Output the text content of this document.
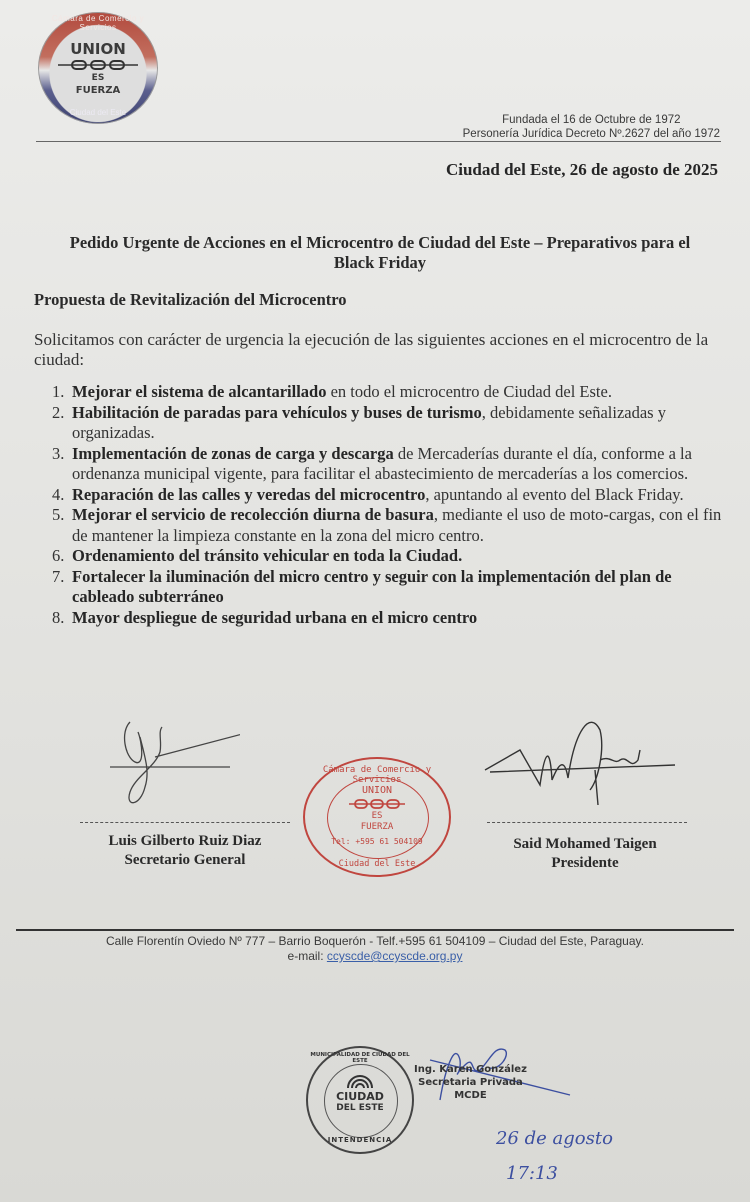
Cámara de Comercio y Servicios
UNION
ES
FUERZA
Ciudad del Este
Fundada el 16 de Octubre de 1972
Personería Jurídica Decreto Nº.2627 del año 1972
Ciudad del Este, 26 de agosto de 2025
Pedido Urgente de Acciones en el Microcentro de Ciudad del Este – Preparativos para el
Black Friday
Propuesta de Revitalización del Microcentro
Solicitamos con carácter de urgencia la ejecución de las siguientes acciones en el microcentro de la ciudad:
1. Mejorar el sistema de alcantarillado en todo el microcentro de Ciudad del Este.
2. Habilitación de paradas para vehículos y buses de turismo, debidamente señalizadas y organizadas.
3. Implementación de zonas de carga y descarga de Mercaderías durante el día, conforme a la ordenanza municipal vigente, para facilitar el abastecimiento de mercaderías a los comercios.
4. Reparación de las calles y veredas del microcentro, apuntando al evento del Black Friday.
5. Mejorar el servicio de recolección diurna de basura, mediante el uso de moto-cargas, con el fin de mantener la limpieza constante en la zona del micro centro.
6. Ordenamiento del tránsito vehicular en toda la Ciudad.
7. Fortalecer la iluminación del micro centro y seguir con la implementación del plan de cableado subterráneo
8. Mayor despliegue de seguridad urbana en el micro centro
Luis Gilberto Ruiz Diaz
Secretario General
Cámara de Comercio y Servicios
UNION
ES
FUERZA
Tel: +595 61 504109
Ciudad del Este
Said Mohamed Taigen
Presidente
Calle Florentín Oviedo Nº 777 – Barrio Boquerón - Telf.+595 61 504109 – Ciudad del Este, Paraguay.
e-mail: ccyscde@ccyscde.org.py
MUNICIPALIDAD DE CIUDAD DEL ESTE
CIUDAD
DEL ESTE
INTENDENCIA
Ing. Karen González
Secretaria Privada
MCDE
26 de agosto
17:13
